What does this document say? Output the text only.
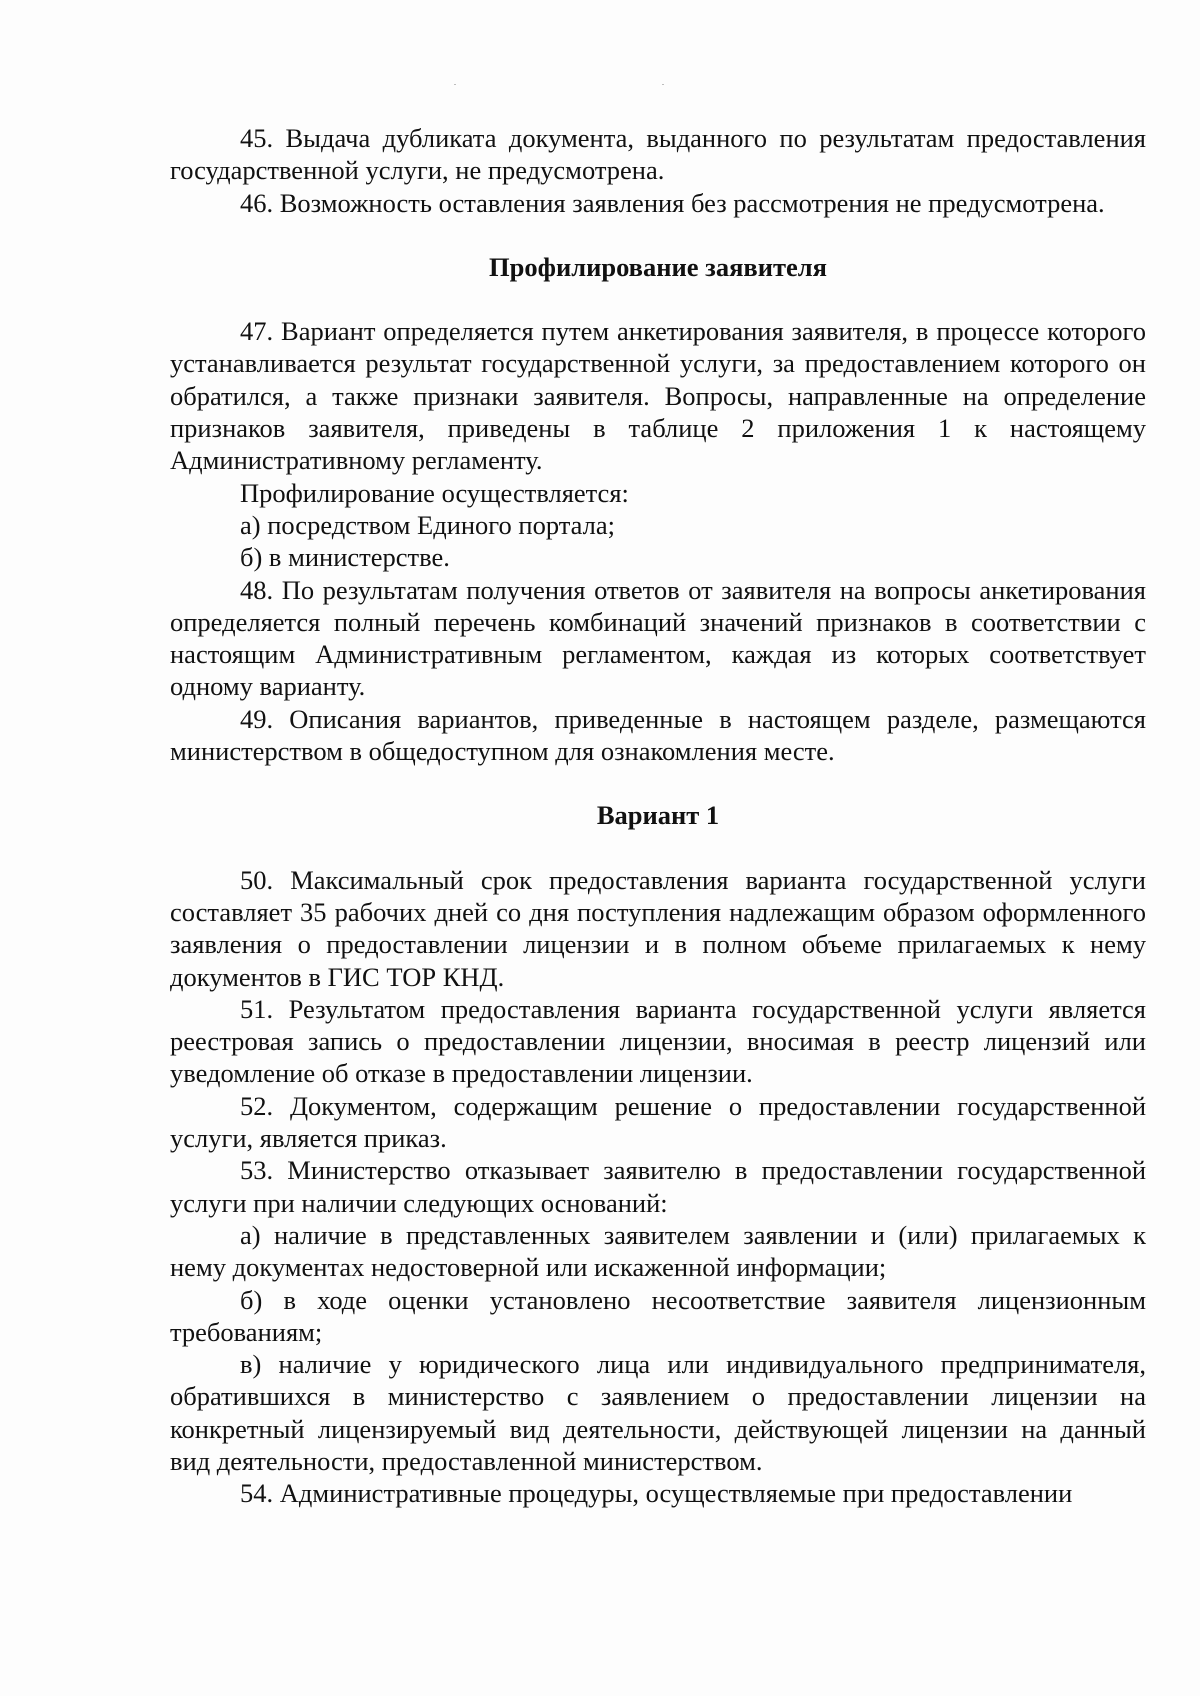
45. Выдача дубликата документа, выданного по результатам предоставления государственной услуги, не предусмотрена.

46. Возможность оставления заявления без рассмотрения не предусмотрена.

Профилирование заявителя

47. Вариант определяется путем анкетирования заявителя, в процессе которого устанавливается результат государственной услуги, за предоставлением которого он обратился, а также признаки заявителя. Вопросы, направленные на определение признаков заявителя, приведены в таблице 2 приложения 1 к настоящему Административному регламенту.

Профилирование осуществляется:

а) посредством Единого портала;

б) в министерстве.

48. По результатам получения ответов от заявителя на вопросы анкетирования определяется полный перечень комбинаций значений признаков в соответствии с настоящим Административным регламентом, каждая из которых соответствует одному варианту.

49. Описания вариантов, приведенные в настоящем разделе, размещаются министерством в общедоступном для ознакомления месте.

Вариант 1

50. Максимальный срок предоставления варианта государственной услуги составляет 35 рабочих дней со дня поступления надлежащим образом оформленного заявления о предоставлении лицензии и в полном объеме прилагаемых к нему документов в ГИС ТОР КНД.

51. Результатом предоставления варианта государственной услуги является реестровая запись о предоставлении лицензии, вносимая в реестр лицензий или уведомление об отказе в предоставлении лицензии.

52. Документом, содержащим решение о предоставлении государственной услуги, является приказ.

53. Министерство отказывает заявителю в предоставлении государственной услуги при наличии следующих оснований:

а) наличие в представленных заявителем заявлении и (или) прилагаемых к нему документах недостоверной или искаженной информации;

б) в ходе оценки установлено несоответствие заявителя лицензионным требованиям;

в) наличие у юридического лица или индивидуального предпринимателя, обратившихся в министерство с заявлением о предоставлении лицензии на конкретный лицензируемый вид деятельности, действующей лицензии на данный вид деятельности, предоставленной министерством.

54. Административные процедуры, осуществляемые при предоставлении
